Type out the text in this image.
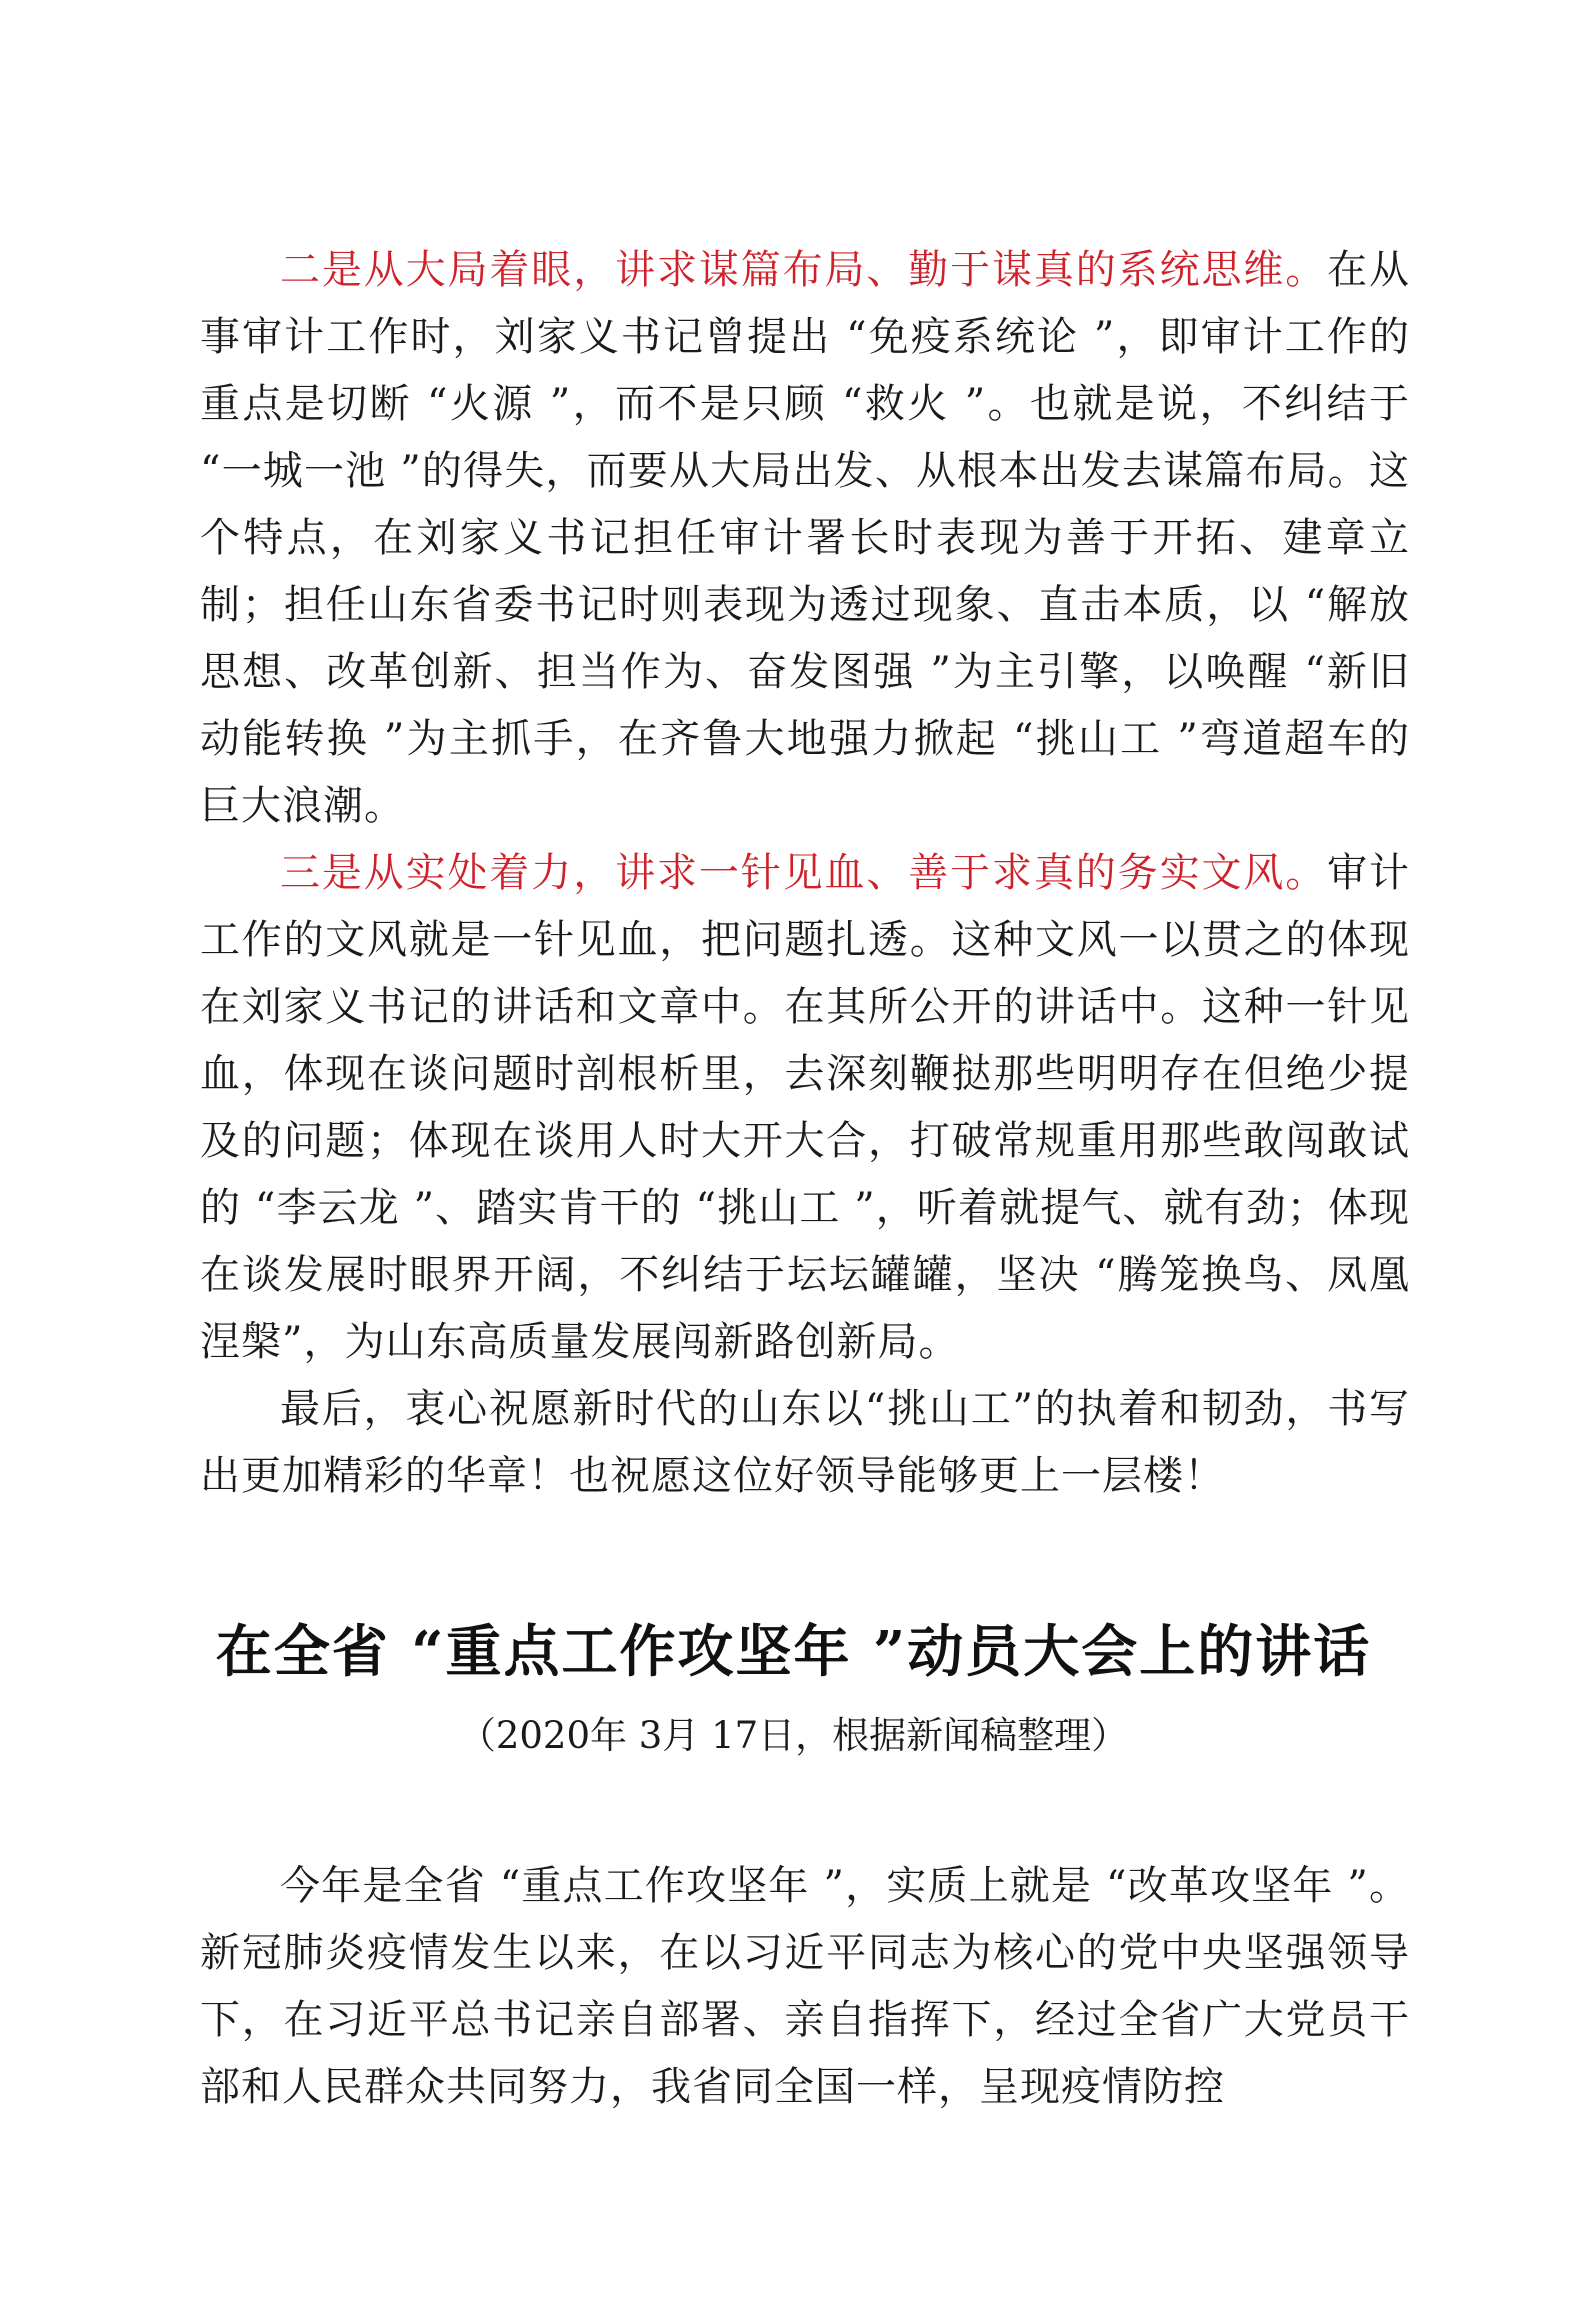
二是从大局着眼，讲求谋篇布局、勤于谋真的系统思维。在从事审计工作时，刘家义书记曾提出 “免疫系统论 ”，即审计工作的重点是切断 “火源 ”，而不是只顾 “救火 ”。也就是说，不纠结于 “一城一池 ”的得失，而要从大局出发、从根本出发去谋篇布局。这个特点，在刘家义书记担任审计署长时表现为善于开拓、建章立制；担任山东省委书记时则表现为透过现象、直击本质，以 “解放思想、改革创新、担当作为、奋发图强 ”为主引擎，以唤醒 “新旧动能转换 ”为主抓手，在齐鲁大地强力掀起 “挑山工 ”弯道超车的巨大浪潮。

三是从实处着力，讲求一针见血、善于求真的务实文风。审计工作的文风就是一针见血，把问题扎透。这种文风一以贯之的体现在刘家义书记的讲话和文章中。在其所公开的讲话中。这种一针见血，体现在谈问题时剖根析里，去深刻鞭挞那些明明存在但绝少提及的问题；体现在谈用人时大开大合，打破常规重用那些敢闯敢试的 “李云龙 ”、踏实肯干的 “挑山工 ”，听着就提气、就有劲；体现在谈发展时眼界开阔，不纠结于坛坛罐罐，坚决 “腾笼换鸟、凤凰涅槃”，为山东高质量发展闯新路创新局。

最后，衷心祝愿新时代的山东以“挑山工”的执着和韧劲，书写出更加精彩的华章！也祝愿这位好领导能够更上一层楼！

在全省 “重点工作攻坚年 ”动员大会上的讲话
（2020年 3月 17日，根据新闻稿整理）

今年是全省 “重点工作攻坚年 ”，实质上就是 “改革攻坚年 ”。新冠肺炎疫情发生以来，在以习近平同志为核心的党中央坚强领导下，在习近平总书记亲自部署、亲自指挥下，经过全省广大党员干部和人民群众共同努力，我省同全国一样，呈现疫情防控
